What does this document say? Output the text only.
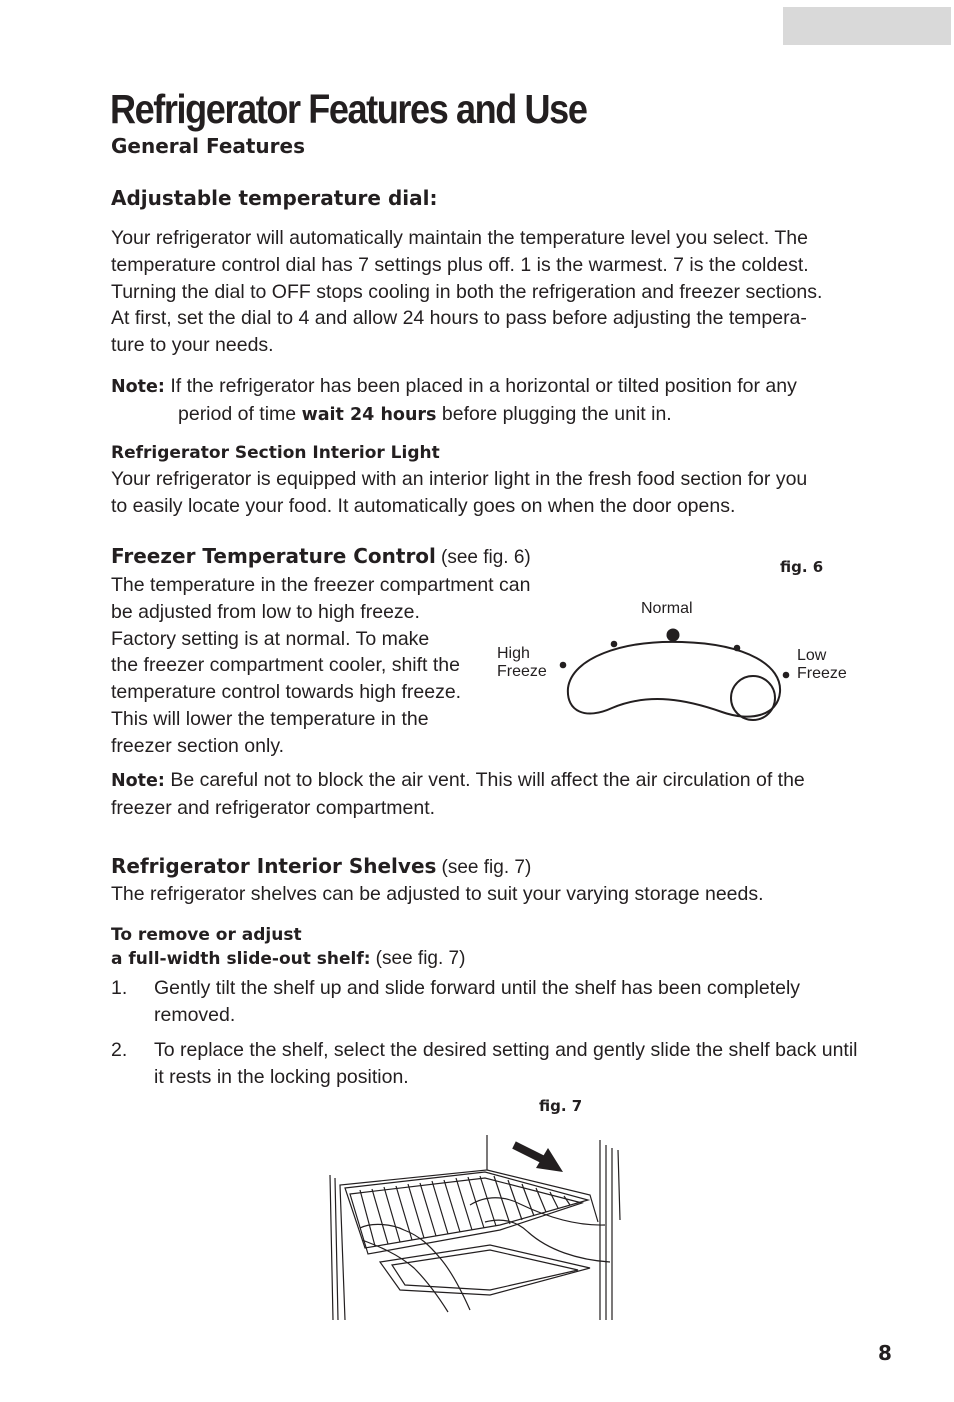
Refrigerator Features and Use
General Features
Adjustable temperature dial:
Your refrigerator will automatically maintain the temperature level you select. The
temperature control dial has 7 settings plus off. 1 is the warmest. 7 is the coldest.
Turning the dial to OFF stops cooling in both the refrigeration and freezer sections.
At first, set the dial to 4 and allow 24 hours to pass before adjusting the tempera-
ture to your needs.
Note: If the refrigerator has been placed in a horizontal or tilted position for any
period of time wait 24 hours before plugging the unit in.
Refrigerator Section Interior Light
Your refrigerator is equipped with an interior light in the fresh food section for you
to easily locate your food. It automatically goes on when the door opens.
Freezer Temperature Control (see fig. 6)
The temperature in the freezer compartment can
be adjusted from low to high freeze.
Factory setting is at normal. To make
the freezer compartment cooler, shift the
temperature control towards high freeze.
This will lower the temperature in the
freezer section only.
fig. 6
Normal
High
Freeze
Low
Freeze
Note: Be careful not to block the air vent. This will affect the air circulation of the
freezer and refrigerator compartment.
Refrigerator Interior Shelves (see fig. 7)
The refrigerator shelves can be adjusted to suit your varying storage needs.
To remove or adjust
a full-width slide-out shelf: (see fig. 7)
1.	Gently tilt the shelf up and slide forward until the shelf has been completely
removed.
2.	To replace the shelf, select the desired setting and gently slide the shelf back until
it rests in the locking position.
fig. 7
8
